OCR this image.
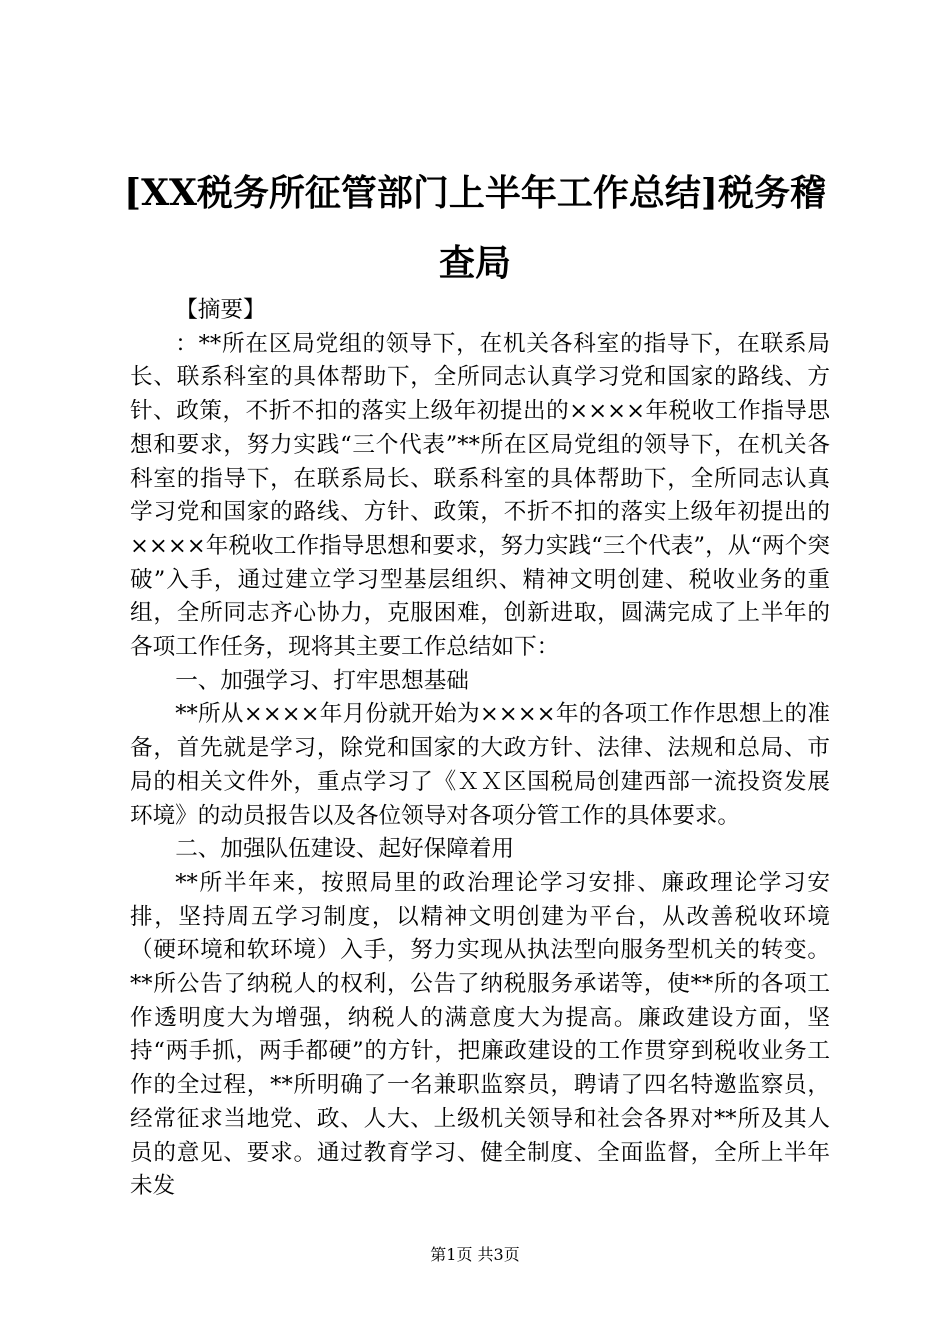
[XX税务所征管部门上半年工作总结]税务稽
查局

【摘要】

：**所在区局党组的领导下，在机关各科室的指导下，在联系局长、联系科室的具体帮助下，全所同志认真学习党和国家的路线、方针、政策，不折不扣的落实上级年初提出的××××年税收工作指导思想和要求，努力实践“三个代表”**所在区局党组的领导下，在机关各科室的指导下，在联系局长、联系科室的具体帮助下，全所同志认真学习党和国家的路线、方针、政策，不折不扣的落实上级年初提出的××××年税收工作指导思想和要求，努力实践“三个代表”，从“两个突破”入手，通过建立学习型基层组织、精神文明创建、税收业务的重组，全所同志齐心协力，克服困难，创新进取，圆满完成了上半年的各项工作任务，现将其主要工作总结如下：

一、加强学习、打牢思想基础

**所从××××年月份就开始为××××年的各项工作作思想上的准备，首先就是学习，除党和国家的大政方针、法律、法规和总局、市局的相关文件外，重点学习了《ＸＸ区国税局创建西部一流投资发展环境》的动员报告以及各位领导对各项分管工作的具体要求。

二、加强队伍建设、起好保障着用

**所半年来，按照局里的政治理论学习安排、廉政理论学习安排，坚持周五学习制度，以精神文明创建为平台，从改善税收环境（硬环境和软环境）入手，努力实现从执法型向服务型机关的转变。**所公告了纳税人的权利，公告了纳税服务承诺等，使**所的各项工作透明度大为增强，纳税人的满意度大为提高。廉政建设方面，坚持“两手抓，两手都硬”的方针，把廉政建设的工作贯穿到税收业务工作的全过程，**所明确了一名兼职监察员，聘请了四名特邀监察员，经常征求当地党、政、人大、上级机关领导和社会各界对**所及其人员的意见、要求。通过教育学习、健全制度、全面监督，全所上半年未发

第1页 共3页
